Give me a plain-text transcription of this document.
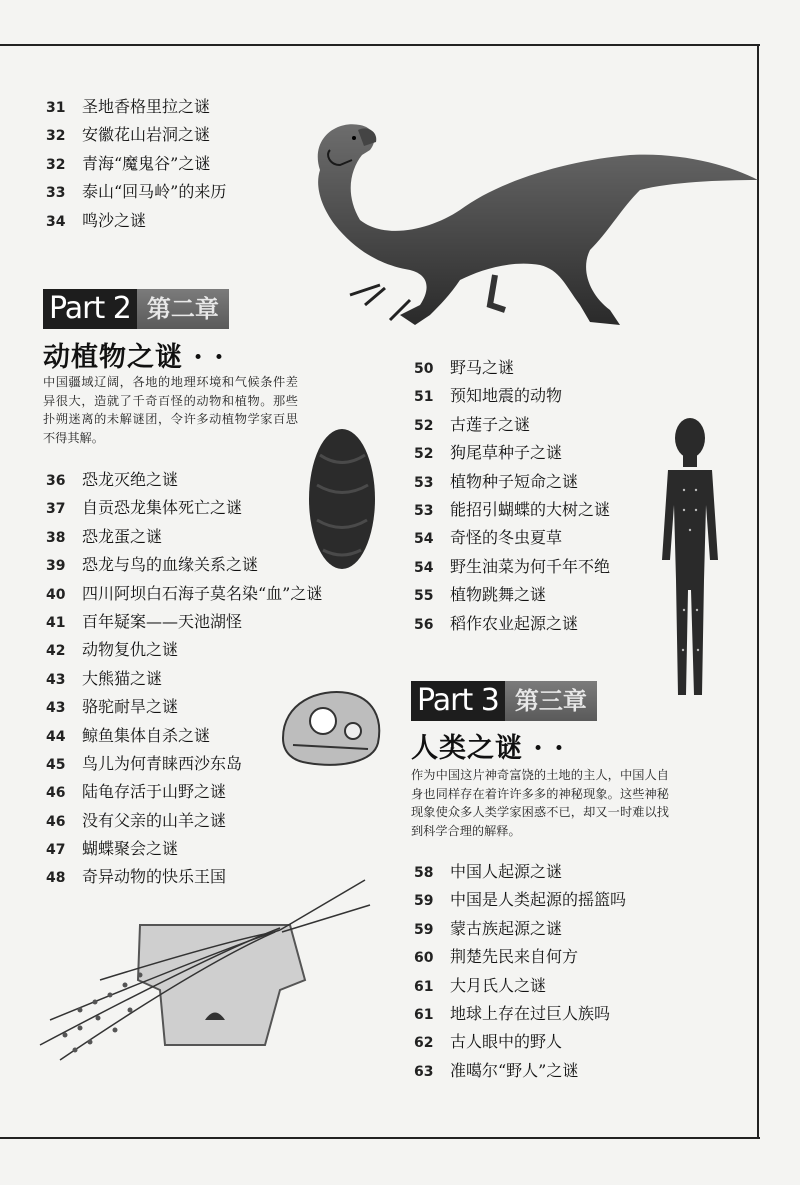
31 圣地香格里拉之谜
32 安徽花山岩洞之谜
32 青海“魔鬼谷”之谜
33 泰山“回马岭”的来历
34 鸣沙之谜
Part 2 第二章
动植物之谜 · ·

中国疆域辽阔，各地的地理环境和气候条件差异很大，造就了千奇百怪的动物和植物。那些扑朔迷离的未解谜团，令许多动植物学家百思不得其解。

36 恐龙灭绝之谜
37 自贡恐龙集体死亡之谜
38 恐龙蛋之谜
39 恐龙与鸟的血缘关系之谜
40 四川阿坝白石海子莫名染“血”之谜
41 百年疑案——天池湖怪
42 动物复仇之谜
43 大熊猫之谜
43 骆驼耐旱之谜
44 鲸鱼集体自杀之谜
45 鸟儿为何青睐西沙东岛
46 陆龟存活于山野之谜
46 没有父亲的山羊之谜
47 蝴蝶聚会之谜
48 奇异动物的快乐王国
50 野马之谜
51 预知地震的动物
52 古莲子之谜
52 狗尾草种子之谜
53 植物种子短命之谜
53 能招引蝴蝶的大树之谜
54 奇怪的冬虫夏草
54 野生油菜为何千年不绝
55 植物跳舞之谜
56 稻作农业起源之谜
Part 3 第三章
人类之谜 · ·

作为中国这片神奇富饶的土地的主人，中国人自身也同样存在着许许多多的神秘现象。这些神秘现象使众多人类学家困惑不已，却又一时难以找到科学合理的解释。

58 中国人起源之谜
59 中国是人类起源的摇篮吗
59 蒙古族起源之谜
60 荆楚先民来自何方
61 大月氏人之谜
61 地球上存在过巨人族吗
62 古人眼中的野人
63 准噶尔“野人”之谜
